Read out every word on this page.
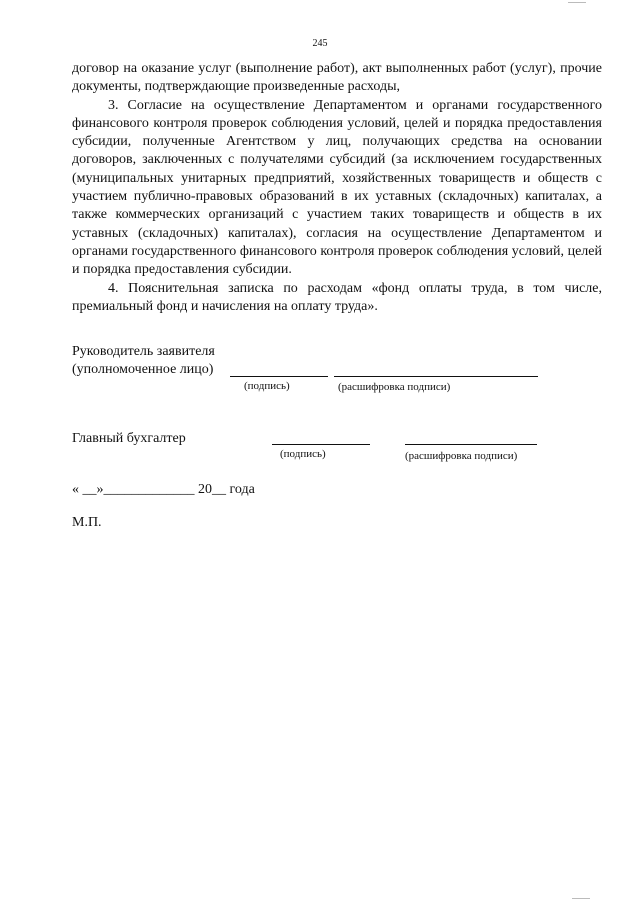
245

договор на оказание услуг (выполнение работ), акт выполненных работ (услуг), прочие документы, подтверждающие произведенные расходы,

3. Согласие на осуществление Департаментом и органами государственного финансового контроля проверок соблюдения условий, целей и порядка предоставления субсидии, полученные Агентством у лиц, получающих средства на основании договоров, заключенных с получателями субсидий (за исключением государственных (муниципальных унитарных предприятий, хозяйственных товариществ и обществ с участием публично-правовых образований в их уставных (складочных) капиталах, а также коммерческих организаций с участием таких товариществ и обществ в их уставных (складочных) капиталах), согласия на осуществление Департаментом и органами государственного финансового контроля проверок соблюдения условий, целей и порядка предоставления субсидии.

4. Пояснительная записка по расходам «фонд оплаты труда, в том числе, премиальный фонд и начисления на оплату труда».

Руководитель заявителя
(уполномоченное лицо)
(подпись)	(расшифровка подписи)
Главный бухгалтер
(подпись)	(расшифровка подписи)
« __»_____________ 20__ года
М.П.
